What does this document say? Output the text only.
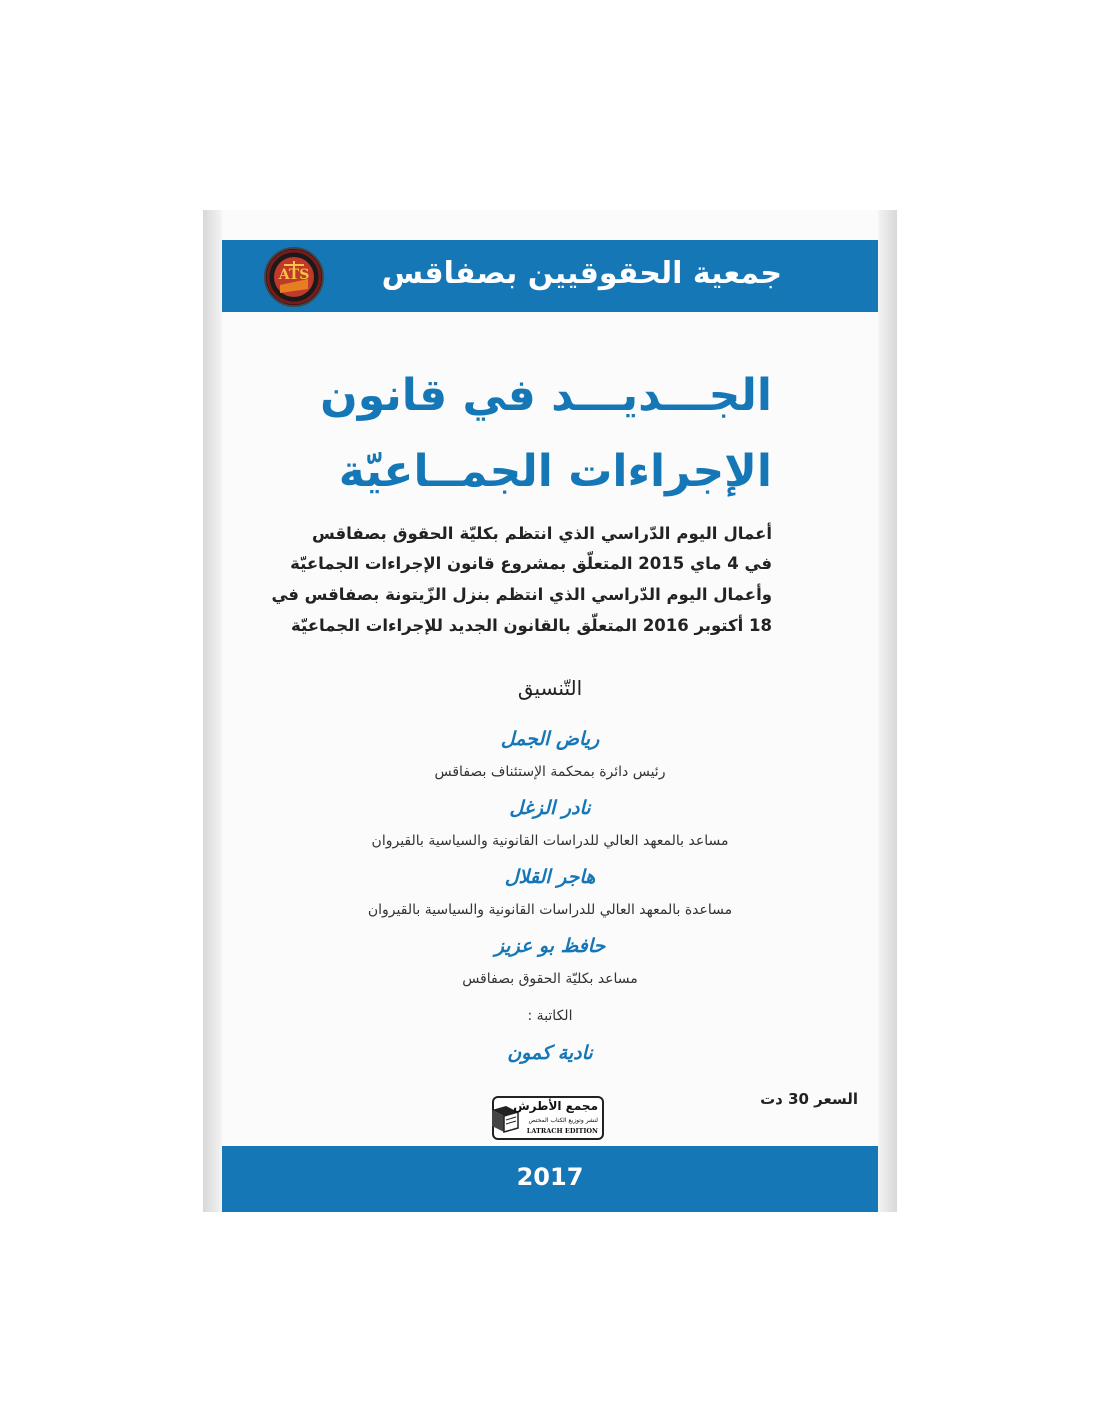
جمعية الحقوقيين بصفاقس
ATS
الجـــديـــد في قانون
الإجراءات الجمــاعيّة
أعمال اليوم الدّراسي الذي انتظم بكليّة الحقوق بصفاقس
في 4 ماي 2015 المتعلّق بمشروع قانون الإجراءات الجماعيّة
وأعمال اليوم الدّراسي الذي انتظم بنزل الزّيتونة بصفاقس في
18 أكتوبر 2016 المتعلّق بالقانون الجديد للإجراءات الجماعيّة
التّنسيق
رياض الجمل
رئيس دائرة بمحكمة الإستئناف بصفاقس
نادر الزغل
مساعد بالمعهد العالي للدراسات القانونية والسياسية بالقيروان
هاجر القلال
مساعدة بالمعهد العالي للدراسات القانونية والسياسية بالقيروان
حافظ بو عزيز
مساعد بكليّة الحقوق بصفاقس
الكاتبة :
نادية كمون
السعر 30 دت
مجمع الأطرش
لنشر وتوزيع الكتاب المختص
LATRACH EDITION
2017
